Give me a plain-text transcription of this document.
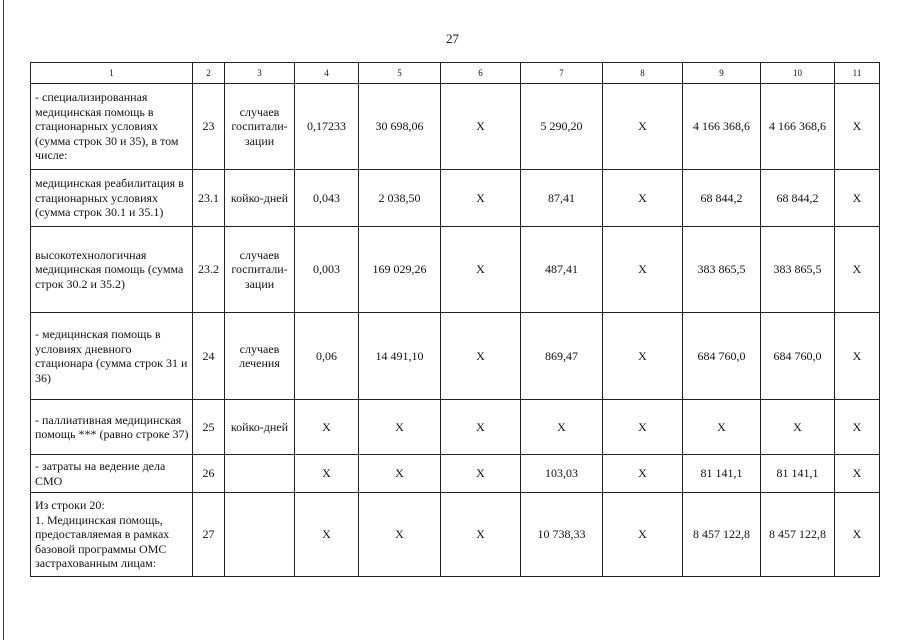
27
1	2	3	4	5	6	7	8	9	10	11
- специализированная медицинская помощь в стационарных условиях (сумма строк 30 и 35), в том числе:	23	случаев госпитали-зации	0,17233	30 698,06	X	5 290,20	X	4 166 368,6	4 166 368,6	X
медицинская реабилитация в стационарных условиях (сумма строк 30.1 и 35.1)	23.1	койко-дней	0,043	2 038,50	X	87,41	X	68 844,2	68 844,2	X
высокотехнологичная медицинская помощь (сумма строк 30.2 и 35.2)	23.2	случаев госпитали-зации	0,003	169 029,26	X	487,41	X	383 865,5	383 865,5	X
- медицинская помощь в условиях дневного стационара (сумма строк 31 и 36)	24	случаев лечения	0,06	14 491,10	X	869,47	X	684 760,0	684 760,0	X
- паллиативная медицинская помощь *** (равно строке 37)	25	койко-дней	X	X	X	X	X	X	X	X
- затраты на ведение дела СМО	26		X	X	X	103,03	X	81 141,1	81 141,1	X
Из строки 20:
1. Медицинская помощь, предоставляемая в рамках базовой программы ОМС застрахованным лицам:	27		X	X	X	10 738,33	X	8 457 122,8	8 457 122,8	X
